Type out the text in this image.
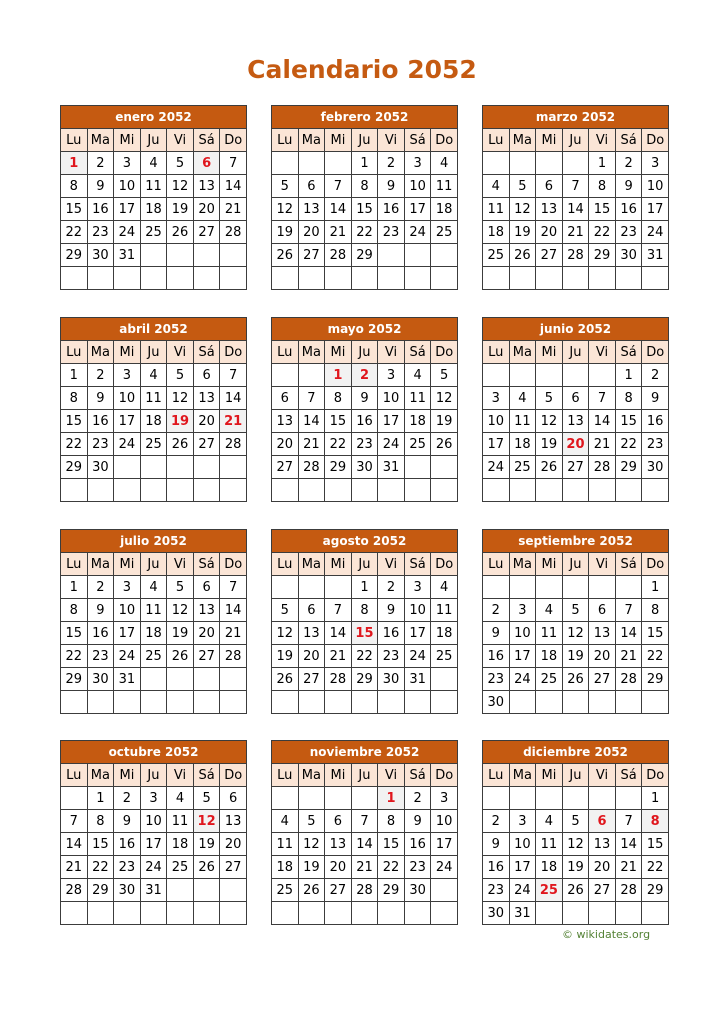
Calendario 2052
enero 2052						
Lu	Ma	Mi	Ju	Vi	Sá	Do
1	2	3	4	5	6	7
8	9	10	11	12	13	14
15	16	17	18	19	20	21
22	23	24	25	26	27	28
29	30	31				

febrero 2052						
Lu	Ma	Mi	Ju	Vi	Sá	Do
			1	2	3	4
5	6	7	8	9	10	11
12	13	14	15	16	17	18
19	20	21	22	23	24	25
26	27	28	29			

marzo 2052						
Lu	Ma	Mi	Ju	Vi	Sá	Do
				1	2	3
4	5	6	7	8	9	10
11	12	13	14	15	16	17
18	19	20	21	22	23	24
25	26	27	28	29	30	31

abril 2052						
Lu	Ma	Mi	Ju	Vi	Sá	Do
1	2	3	4	5	6	7
8	9	10	11	12	13	14
15	16	17	18	19	20	21
22	23	24	25	26	27	28
29	30					

mayo 2052						
Lu	Ma	Mi	Ju	Vi	Sá	Do
		1	2	3	4	5
6	7	8	9	10	11	12
13	14	15	16	17	18	19
20	21	22	23	24	25	26
27	28	29	30	31		

junio 2052						
Lu	Ma	Mi	Ju	Vi	Sá	Do
					1	2
3	4	5	6	7	8	9
10	11	12	13	14	15	16
17	18	19	20	21	22	23
24	25	26	27	28	29	30

julio 2052						
Lu	Ma	Mi	Ju	Vi	Sá	Do
1	2	3	4	5	6	7
8	9	10	11	12	13	14
15	16	17	18	19	20	21
22	23	24	25	26	27	28
29	30	31				

agosto 2052						
Lu	Ma	Mi	Ju	Vi	Sá	Do
			1	2	3	4
5	6	7	8	9	10	11
12	13	14	15	16	17	18
19	20	21	22	23	24	25
26	27	28	29	30	31	

septiembre 2052						
Lu	Ma	Mi	Ju	Vi	Sá	Do
						1
2	3	4	5	6	7	8
9	10	11	12	13	14	15
16	17	18	19	20	21	22
23	24	25	26	27	28	29
30						
octubre 2052						
Lu	Ma	Mi	Ju	Vi	Sá	Do
	1	2	3	4	5	6
7	8	9	10	11	12	13
14	15	16	17	18	19	20
21	22	23	24	25	26	27
28	29	30	31			

noviembre 2052						
Lu	Ma	Mi	Ju	Vi	Sá	Do
				1	2	3
4	5	6	7	8	9	10
11	12	13	14	15	16	17
18	19	20	21	22	23	24
25	26	27	28	29	30	

diciembre 2052						
Lu	Ma	Mi	Ju	Vi	Sá	Do
						1
2	3	4	5	6	7	8
9	10	11	12	13	14	15
16	17	18	19	20	21	22
23	24	25	26	27	28	29
30	31					
© wikidates.org
